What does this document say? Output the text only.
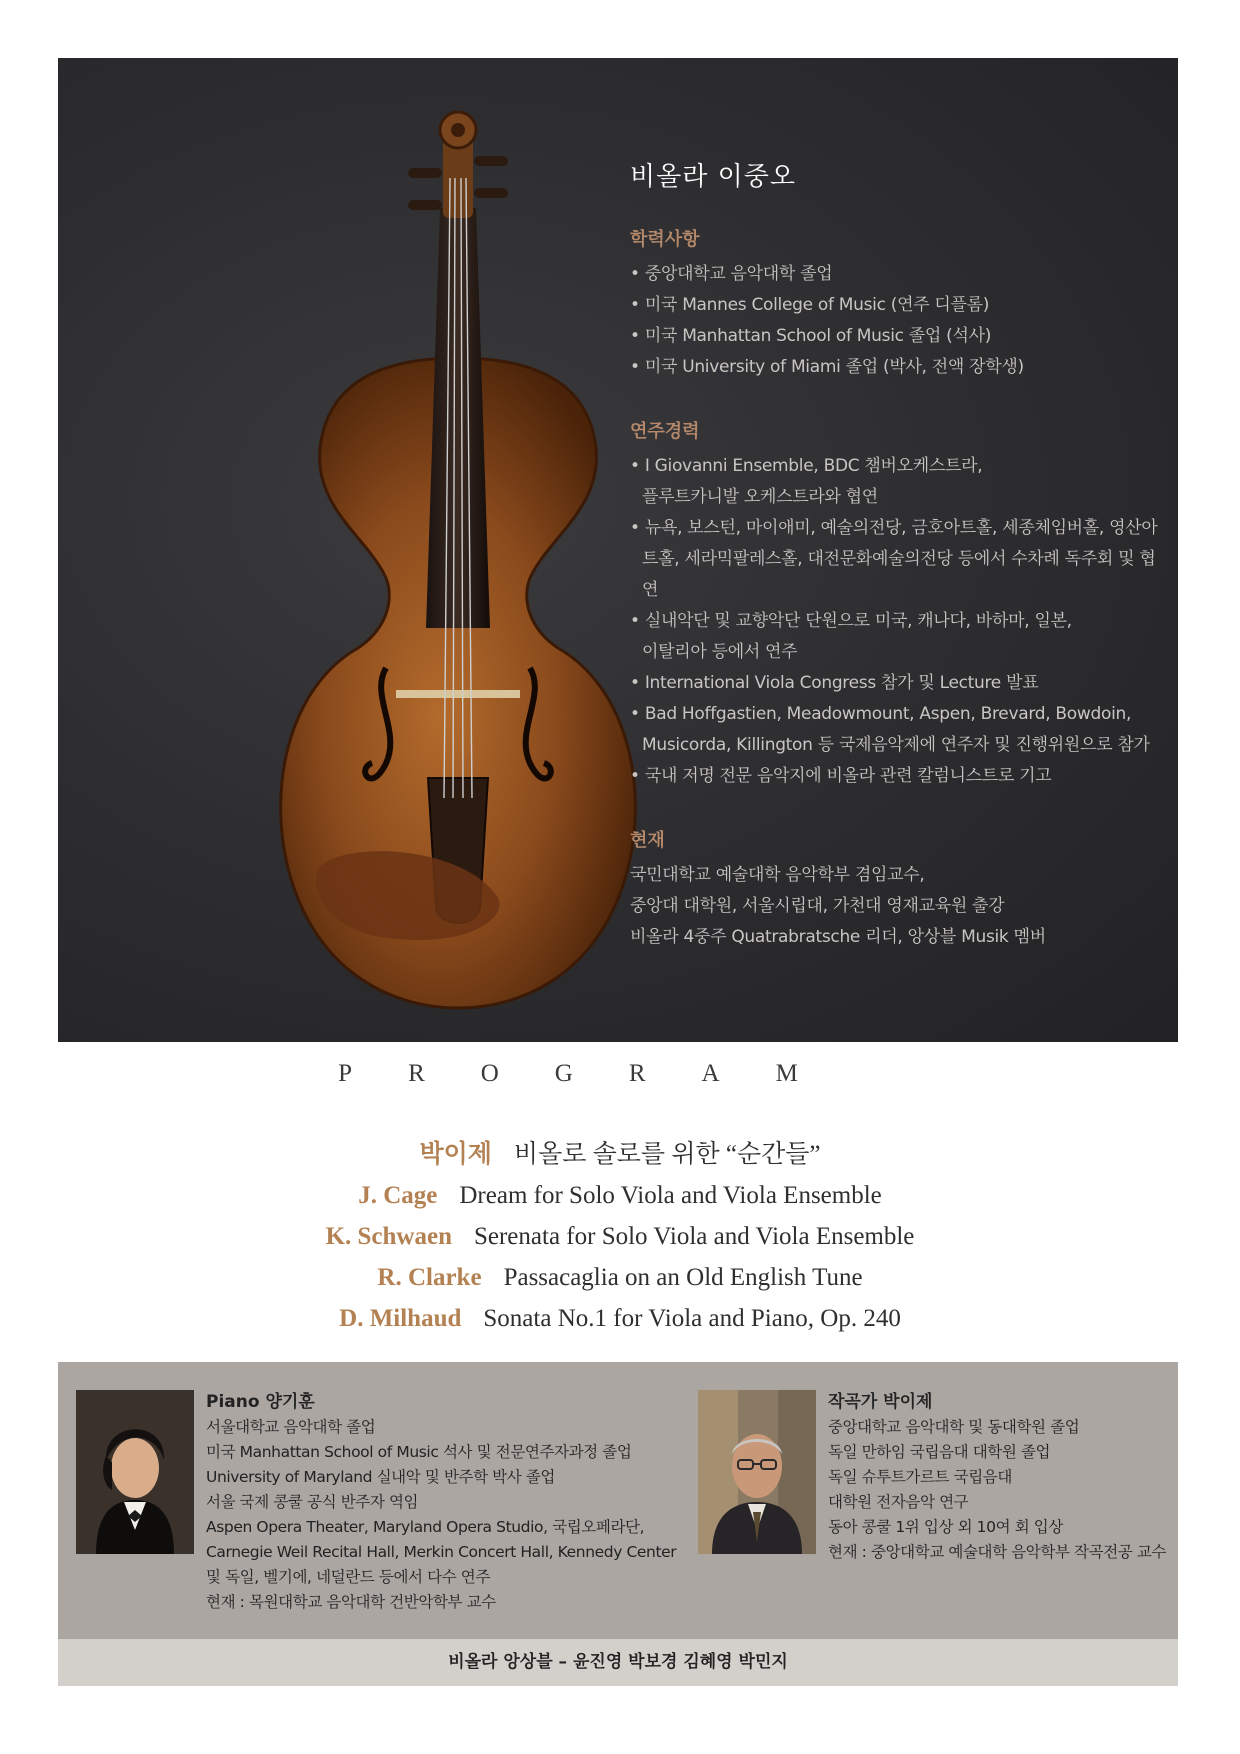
비올라 이중오

학력사항

• 중앙대학교 음악대학 졸업
• 미국 Mannes College of Music (연주 디플롬)
• 미국 Manhattan School of Music 졸업 (석사)
• 미국 University of Miami 졸업 (박사, 전액 장학생)

연주경력

• I Giovanni Ensemble, BDC 챔버오케스트라, 플루트카니발 오케스트라와 협연
• 뉴욕, 보스턴, 마이애미, 예술의전당, 금호아트홀, 세종체임버홀, 영산아트홀, 세라믹팔레스홀, 대전문화예술의전당 등에서 수차례 독주회 및 협연
• 실내악단 및 교향악단 단원으로 미국, 캐나다, 바하마, 일본, 이탈리아 등에서 연주
• International Viola Congress 참가 및 Lecture 발표
• Bad Hoffgastien, Meadowmount, Aspen, Brevard, Bowdoin, Musicorda, Killington 등 국제음악제에 연주자 및 진행위원으로 참가
• 국내 저명 전문 음악지에 비올라 관련 칼럼니스트로 기고

현재

국민대학교 예술대학 음악학부 겸임교수,
중앙대 대학원, 서울시립대, 가천대 영재교육원 출강
비올라 4중주 Quatrabratsche 리더, 앙상블 Musik 멤버
PROGRAM
박이제 비올로 솔로를 위한 “순간들”
J. Cage Dream for Solo Viola and Viola Ensemble
K. Schwaen Serenata for Solo Viola and Viola Ensemble
R. Clarke Passacaglia on an Old English Tune
D. Milhaud Sonata No.1 for Viola and Piano, Op. 240

Piano 양기훈

서울대학교 음악대학 졸업

미국 Manhattan School of Music 석사 및 전문연주자과정 졸업

University of Maryland 실내악 및 반주학 박사 졸업

서울 국제 콩쿨 공식 반주자 역임

Aspen Opera Theater, Maryland Opera Studio, 국립오페라단,

Carnegie Weil Recital Hall, Merkin Concert Hall, Kennedy Center

및 독일, 벨기에, 네덜란드 등에서 다수 연주

현재 : 목원대학교 음악대학 건반악학부 교수

작곡가 박이제

중앙대학교 음악대학 및 동대학원 졸업

독일 만하임 국립음대 대학원 졸업

독일 슈투트가르트 국립음대

대학원 전자음악 연구

동아 콩쿨 1위 입상 외 10여 회 입상

현재 : 중앙대학교 예술대학 음악학부 작곡전공 교수

비올라 앙상블 – 윤진영 박보경 김혜영 박민지
